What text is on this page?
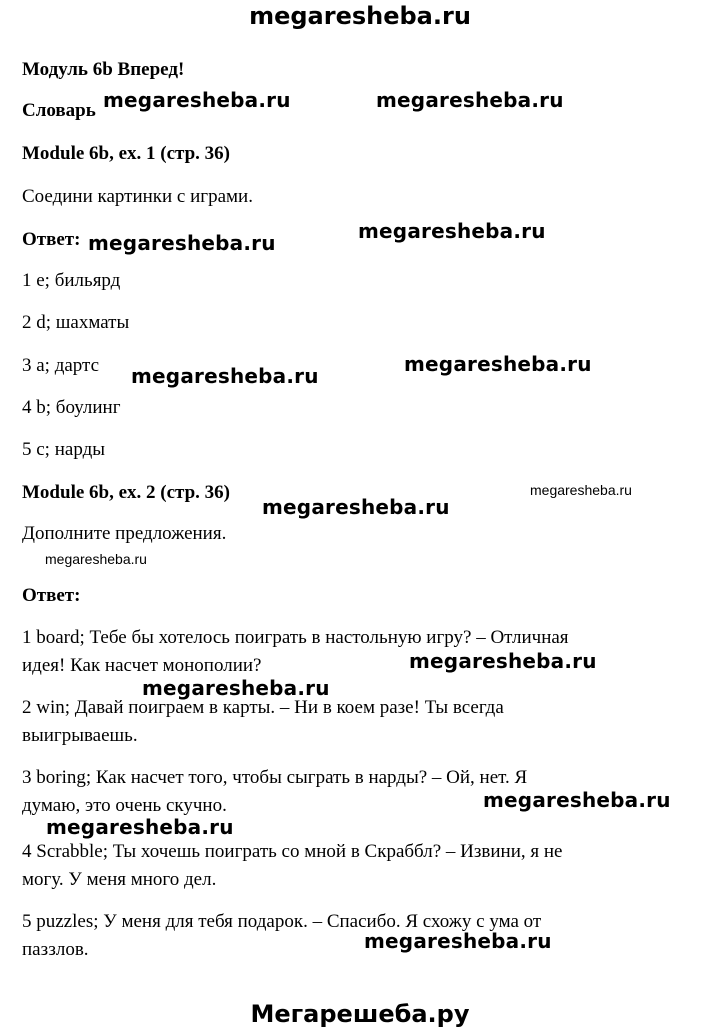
megaresheba.ru
Мегарешеба.ру
Модуль 6b Вперед!
Словарь
Module 6b, ex. 1 (стр. 36)
Соедини картинки с играми.
Ответ:
1 e; бильярд
2 d; шахматы
3 a; дартс
4 b; боулинг
5 c; нарды
Module 6b, ex. 2 (стр. 36)
Дополните предложения.
Ответ:
1 board; Тебе бы хотелось поиграть в настольную игру? – Отличная
идея! Как насчет монополии?
2 win; Давай поиграем в карты. – Ни в коем разе! Ты всегда
выигрываешь.
3 boring; Как насчет того, чтобы сыграть в нарды? – Ой, нет. Я
думаю, это очень скучно.
4 Scrabble; Ты хочешь поиграть со мной в Скраббл? – Извини, я не
могу. У меня много дел.
5 puzzles; У меня для тебя подарок. – Спасибо. Я схожу с ума от
паззлов.
megaresheba.ru	megaresheba.ru
megaresheba.ru	megaresheba.ru
megaresheba.ru
megaresheba.ru
megaresheba.ru
megaresheba.ru
megaresheba.ru
megaresheba.ru
megaresheba.ru
megaresheba.ru
megaresheba.ru
megaresheba.ru
